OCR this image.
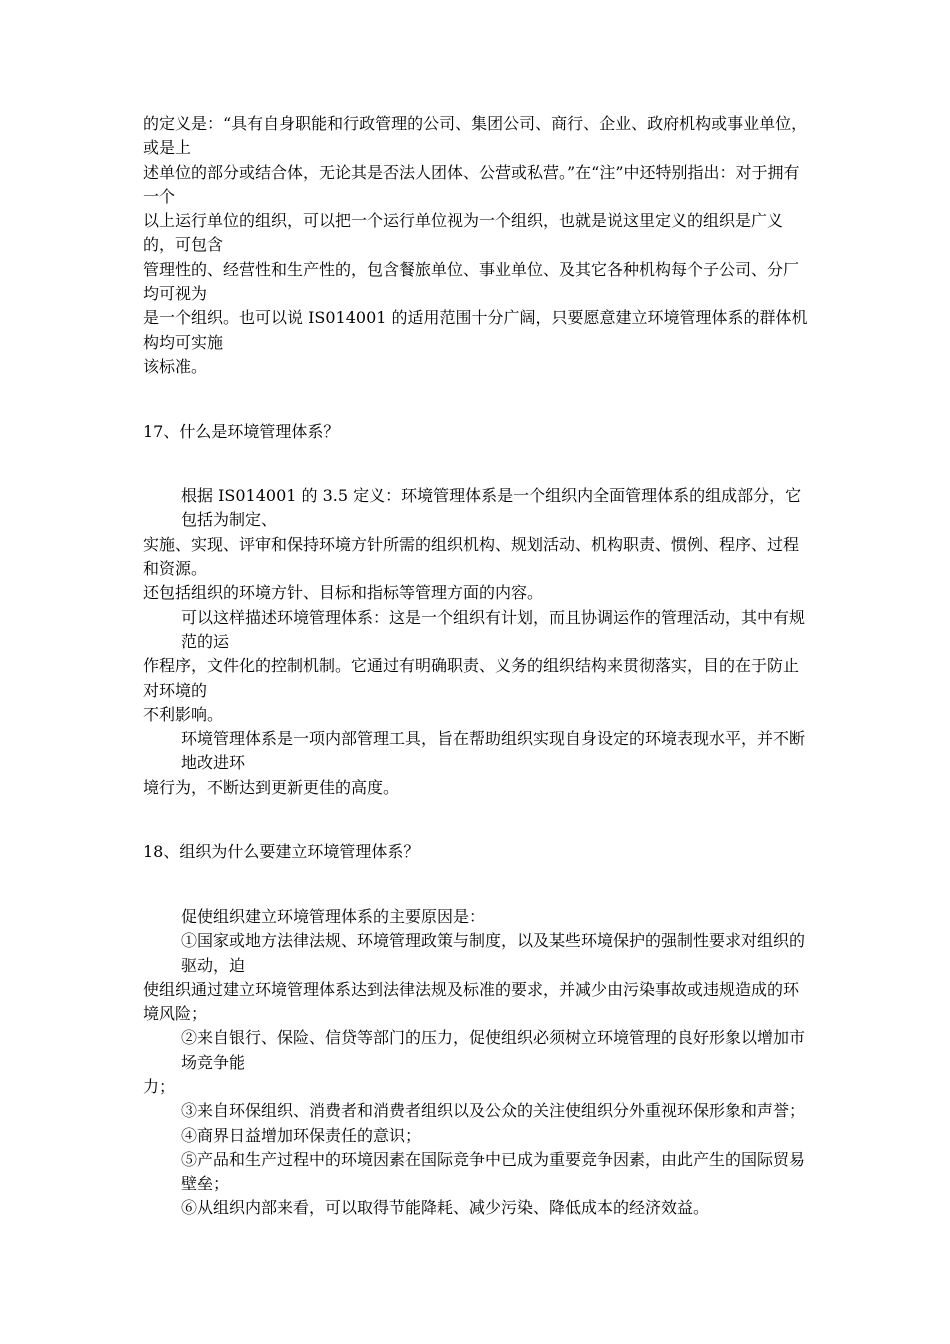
的定义是：“具有自身职能和行政管理的公司、集团公司、商行、企业、政府机构或事业单位，或是上

述单位的部分或结合体，无论其是否法人团体、公营或私营。”在“注”中还特别指出：对于拥有一个

以上运行单位的组织，可以把一个运行单位视为一个组织，也就是说这里定义的组织是广义的，可包含

管理性的、经营性和生产性的，包含餐旅单位、事业单位、及其它各种机构每个子公司、分厂均可视为

是一个组织。也可以说 IS014001 的适用范围十分广阔，只要愿意建立环境管理体系的群体机构均可实施

该标准。

17、什么是环境管理体系？

根据 IS014001 的 3.5 定义：环境管理体系是一个组织内全面管理体系的组成部分，它包括为制定、

实施、实现、评审和保持环境方针所需的组织机构、规划活动、机构职责、惯例、程序、过程和资源。

还包括组织的环境方针、目标和指标等管理方面的内容。

可以这样描述环境管理体系：这是一个组织有计划，而且协调运作的管理活动，其中有规范的运

作程序，文件化的控制机制。它通过有明确职责、义务的组织结构来贯彻落实，目的在于防止对环境的

不利影响。

环境管理体系是一项内部管理工具，旨在帮助组织实现自身设定的环境表现水平，并不断地改进环

境行为，不断达到更新更佳的高度。

18、组织为什么要建立环境管理体系？

促使组织建立环境管理体系的主要原因是：

①国家或地方法律法规、环境管理政策与制度，以及某些环境保护的强制性要求对组织的驱动，迫

使组织通过建立环境管理体系达到法律法规及标准的要求，并减少由污染事故或违规造成的环境风险；

②来自银行、保险、信贷等部门的压力，促使组织必须树立环境管理的良好形象以增加市场竞争能

力；

③来自环保组织、消费者和消费者组织以及公众的关注使组织分外重视环保形象和声誉；

④商界日益增加环保责任的意识；

⑤产品和生产过程中的环境因素在国际竞争中已成为重要竞争因素，由此产生的国际贸易壁垒；

⑥从组织内部来看，可以取得节能降耗、减少污染、降低成本的经济效益。
